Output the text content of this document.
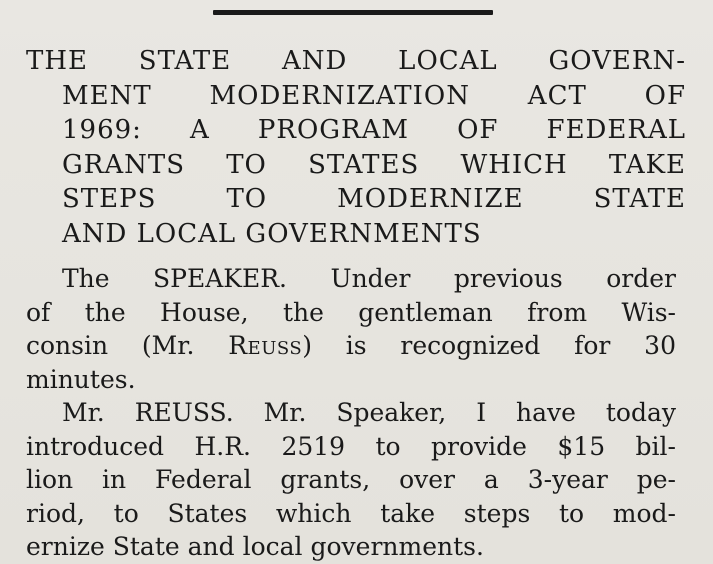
THE STATE AND LOCAL GOVERN-
MENT MODERNIZATION ACT OF
1969: A PROGRAM OF FEDERAL
GRANTS TO STATES WHICH TAKE
STEPS TO MODERNIZE STATE
AND LOCAL GOVERNMENTS

The SPEAKER. Under previous order
of the House, the gentleman from Wis-
consin (Mr. Reuss) is recognized for 30
minutes.

Mr. REUSS. Mr. Speaker, I have today
introduced H.R. 2519 to provide $15 bil-
lion in Federal grants, over a 3-year pe-
riod, to States which take steps to mod-
ernize State and local governments.
